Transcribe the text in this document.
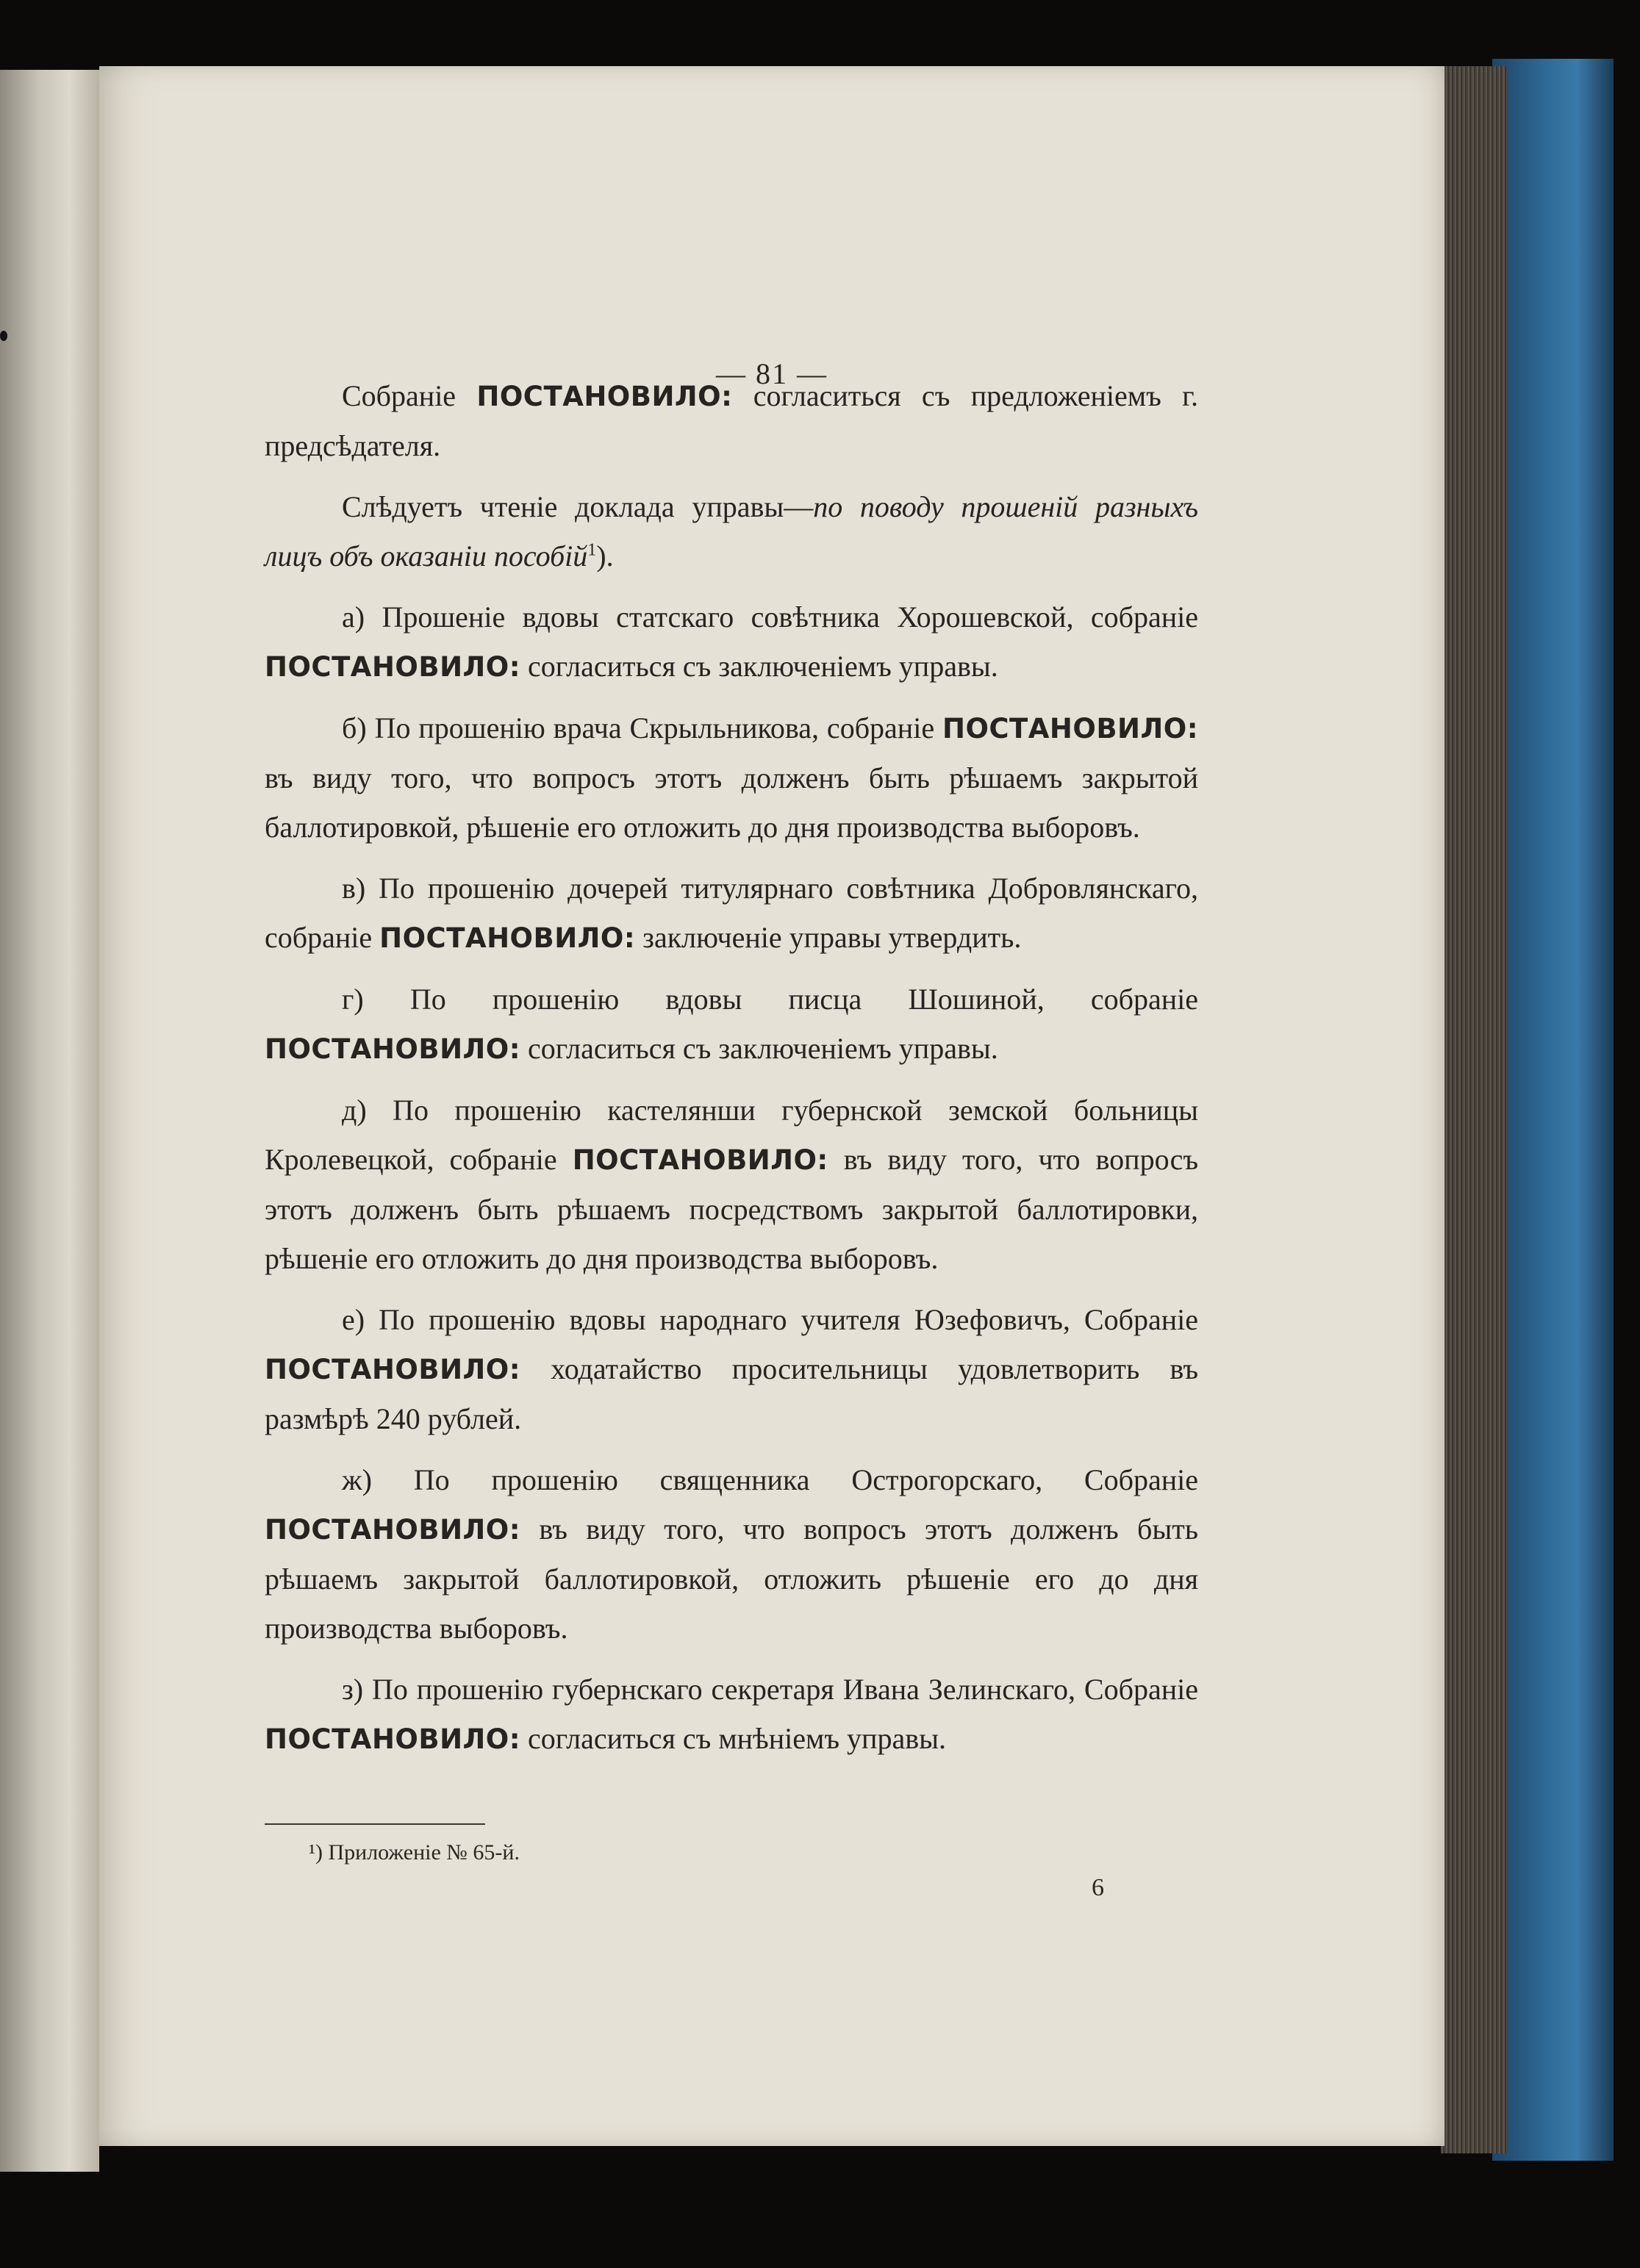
— 81 —

Собраніе ПОСТАНОВИЛО: согласиться съ предложеніемъ г. предсѣдателя.

Слѣдуетъ чтеніе доклада управы—по поводу прошеній разныхъ лицъ объ оказаніи пособій$^1$).

а) Прошеніе вдовы статскаго совѣтника Хорошевской, собраніе ПОСТАНОВИЛО: согласиться съ заключеніемъ управы.

б) По прошенію врача Скрыльникова, собраніе ПОСТАНОВИЛО: въ виду того, что вопросъ этотъ долженъ быть рѣшаемъ закрытой баллотировкой, рѣшеніе его отложить до дня производства выборовъ.

в) По прошенію дочерей титулярнаго совѣтника Добровлянскаго, собраніе ПОСТАНОВИЛО: заключеніе управы утвердить.

г) По прошенію вдовы писца Шошиной, собраніе ПОСТАНОВИЛО: согласиться съ заключеніемъ управы.

д) По прошенію кастелянши губернской земской больницы Кролевецкой, собраніе ПОСТАНОВИЛО: въ виду того, что вопросъ этотъ долженъ быть рѣшаемъ посредствомъ закрытой баллотировки, рѣшеніе его отложить до дня производства выборовъ.

е) По прошенію вдовы народнаго учителя Юзефовичъ, Собраніе ПОСТАНОВИЛО: ходатайство просительницы удовлетворить въ размѣрѣ 240 рублей.

ж) По прошенію священника Острогорскаго, Собраніе ПОСТАНОВИЛО: въ виду того, что вопросъ этотъ долженъ быть рѣшаемъ закрытой баллотировкой, отложить рѣшеніе его до дня производства выборовъ.

з) По прошенію губернскаго секретаря Ивана Зелинскаго, Собраніе ПОСТАНОВИЛО: согласиться съ мнѣніемъ управы.

¹) Приложеніе № 65-й.
6
